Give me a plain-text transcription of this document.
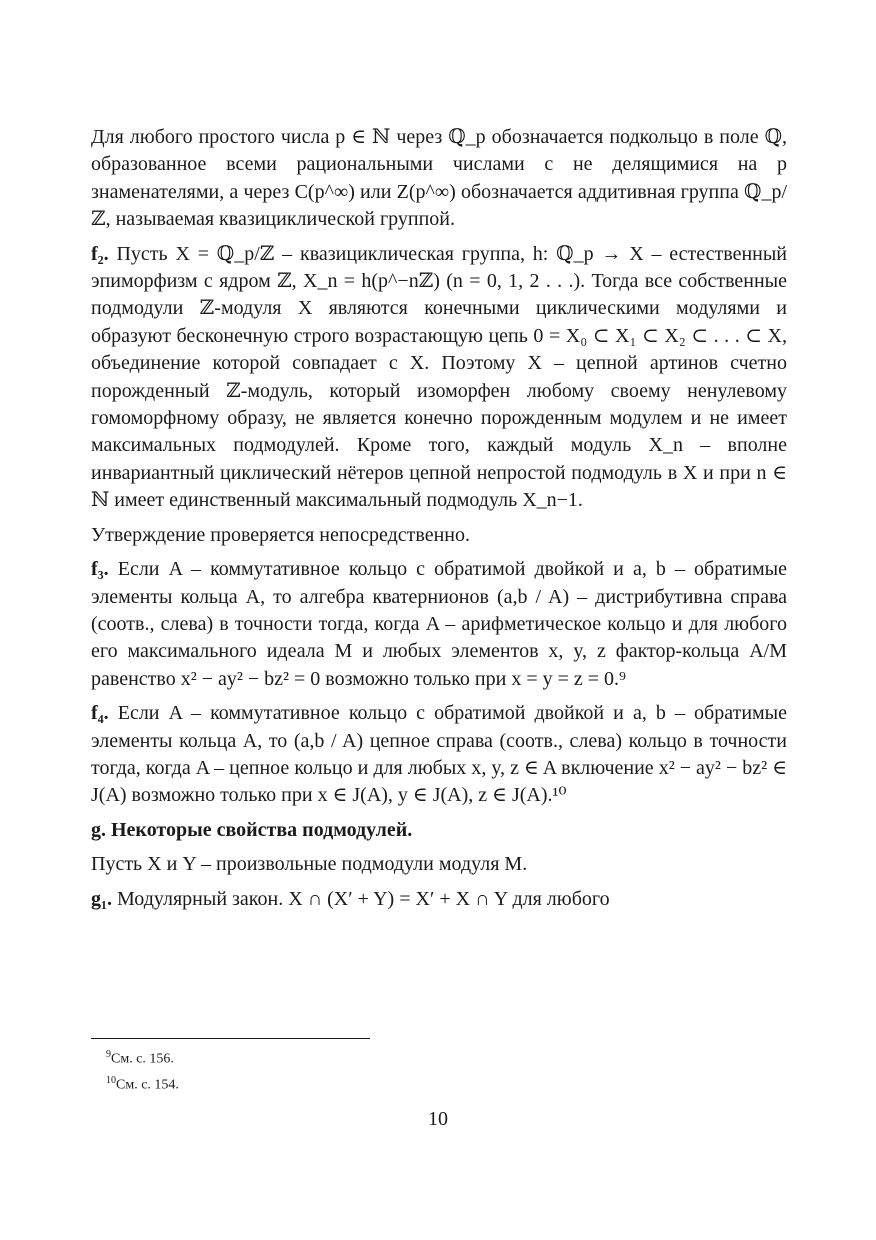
Для любого простого числа p ∈ ℕ через ℚ_p обозначается подкольцо в поле ℚ, образованное всеми рациональными числами с не делящимися на p знаменателями, а через C(p^∞) или Z(p^∞) обозначается аддитивная группа ℚ_p/ℤ, называемая квазициклической группой.

f₂. Пусть X = ℚ_p/ℤ – квазициклическая группа, h: ℚ_p → X – естественный эпиморфизм с ядром ℤ, X_n = h(p^−nℤ) (n = 0, 1, 2 . . .). Тогда все собственные подмодули ℤ-модуля X являются конечными циклическими модулями и образуют бесконечную строго возрастающую цепь 0 = X₀ ⊂ X₁ ⊂ X₂ ⊂ . . . ⊂ X, объединение которой совпадает с X. Поэтому X – цепной артинов счетно порожденный ℤ-модуль, который изоморфен любому своему ненулевому гомоморфному образу, не является конечно порожденным модулем и не имеет максимальных подмодулей. Кроме того, каждый модуль X_n – вполне инвариантный циклический нётеров цепной непростой подмодуль в X и при n ∈ ℕ имеет единственный максимальный подмодуль X_n−1.

Утверждение проверяется непосредственно.

f₃. Если A – коммутативное кольцо с обратимой двойкой и a, b – обратимые элементы кольца A, то алгебра кватернионов (a,b / A) – дистрибутивна справа (соотв., слева) в точности тогда, когда A – арифметическое кольцо и для любого его максимального идеала M и любых элементов x, y, z фактор-кольца A/M равенство x² − ay² − bz² = 0 возможно только при x = y = z = 0.⁹

f₄. Если A – коммутативное кольцо с обратимой двойкой и a, b – обратимые элементы кольца A, то (a,b / A) цепное справа (соотв., слева) кольцо в точности тогда, когда A – цепное кольцо и для любых x, y, z ∈ A включение x² − ay² − bz² ∈ J(A) возможно только при x ∈ J(A), y ∈ J(A), z ∈ J(A).¹⁰

g. Некоторые свойства подмодулей.

Пусть X и Y – произвольные подмодули модуля M.

g₁. Модулярный закон. X ∩ (X′ + Y) = X′ + X ∩ Y для любого

$^9$См. с. 156.
$^{10}$См. с. 154.
10
